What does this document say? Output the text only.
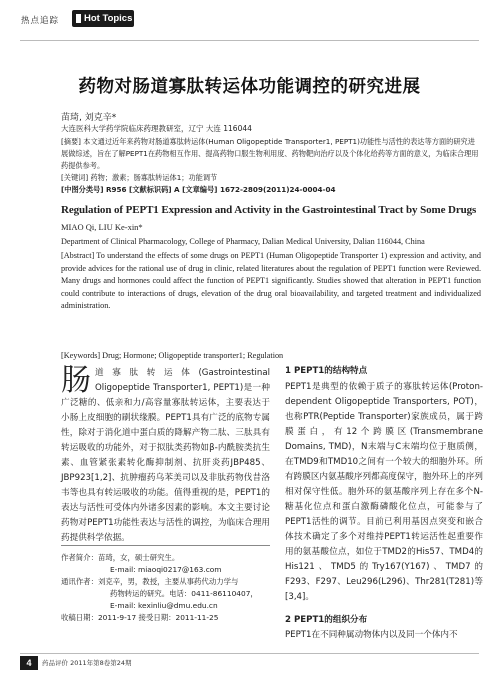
热点追踪	Hot Topics
药物对肠道寡肽转运体功能调控的研究进展
苗琦, 刘克辛*
大连医科大学药学院临床药理教研室，辽宁 大连 116044

[摘要] 本文通过近年来药物对肠道寡肽转运体(Human Oligopeptide Transporter1, PEPT1)功能性与活性的表达等方面的研究进展做综述，旨在了解PEPT1在药物相互作用、提高药物口服生物利用度、药物靶向治疗以及个体化给药等方面的意义，为临床合理用药提供参考。

[关键词] 药物；激素；肠寡肽转运体1；功能调节

[中图分类号] R956 [文献标识码] A [文章编号] 1672-2809(2011)24-0004-04

Regulation of PEPT1 Expression and Activity in the Gastrointestinal Tract by Some Drugs
MIAO Qi, LIU Ke-xin*
Department of Clinical Pharmacology, College of Pharmacy, Dalian Medical University, Dalian 116044, China
[Abstract] To understand the effects of some drugs on PEPT1 (Human Oligopeptide Transporter 1) expression and activity, and provide advices for the rational use of drug in clinic, related literatures about the regulation of PEPT1 function were Reviewed. Many drugs and hormones could affect the function of PEPT1 significantly. Studies showed that alteration in PEPT1 function could contribute to interactions of drugs, elevation of the drug oral bioavailability, and targeted treatment and individualized administration.
[Keywords] Drug; Hormone; Oligopeptide transporter1; Regulation
肠 道寡肽转运体(Gastrointestinal Oligopeptide Transporter1, PEPT1)是一种广泛糖的、低亲和力/高容量寡肽转运体，主要表达于小肠上皮细胞的刷状缘膜。PEPT1具有广泛的底物专属性，除对于消化道中蛋白质的降解产物二肽、三肽具有转运吸收的功能外，对于拟肽类药物如β-内酰胺类抗生素、血管紧张素转化酶抑制剂、抗肝炎药JBP485、JBP923[1,2]、抗肿瘤药乌苯美司以及非肽药物伐昔洛韦等也具有转运吸收的功能。值得重视的是，PEPT1的表达与活性可受体内外诸多因素的影响。本文主要讨论药物对PEPT1功能性表达与活性的调控，为临床合理用药提供科学依据。
1 PEPT1的结构特点
PEPT1是典型的依赖于质子的寡肽转运体(Proton-dependent Oligopeptide Transporters, POT)，也称PTR(Peptide Transporter)家族成员，属于跨膜蛋白，有12个跨膜区(Transmembrane Domains, TMD)，N末端与C末端均位于胞质侧，在TMD9和TMD10之间有一个较大的细胞外环。所有跨膜区内氨基酸序列都高度保守，胞外环上的序列相对保守性低。胞外环的氨基酸序列上存在多个N-糖基化位点和蛋白激酶磷酸化位点，可能参与了PEPT1活性的调节。目前已利用基因点突变和嵌合体技术确定了多个对维持PEPT1转运活性起重要作用的氨基酸位点，如位于TMD2的His57、TMD4的His121、TMD5的Try167(Y167)、TMD7的F293、F297、Leu296(L296)、Thr281(T281)等[3,4]。
2 PEPT1的组织分布
PEPT1在不同种属动物体内以及同一个体内不
作者简介：苗琦，女，硕士研究生。
E-mail: miaoqi0217@163.com
通讯作者：刘克辛，男，教授，主要从事药代动力学与
药物转运的研究。电话：0411-86110407，
E-mail: kexinliu@dmu.edu.cn
收稿日期：2011-9-17 接受日期：2011-11-25
4	药品评价 2011年第8卷第24期
